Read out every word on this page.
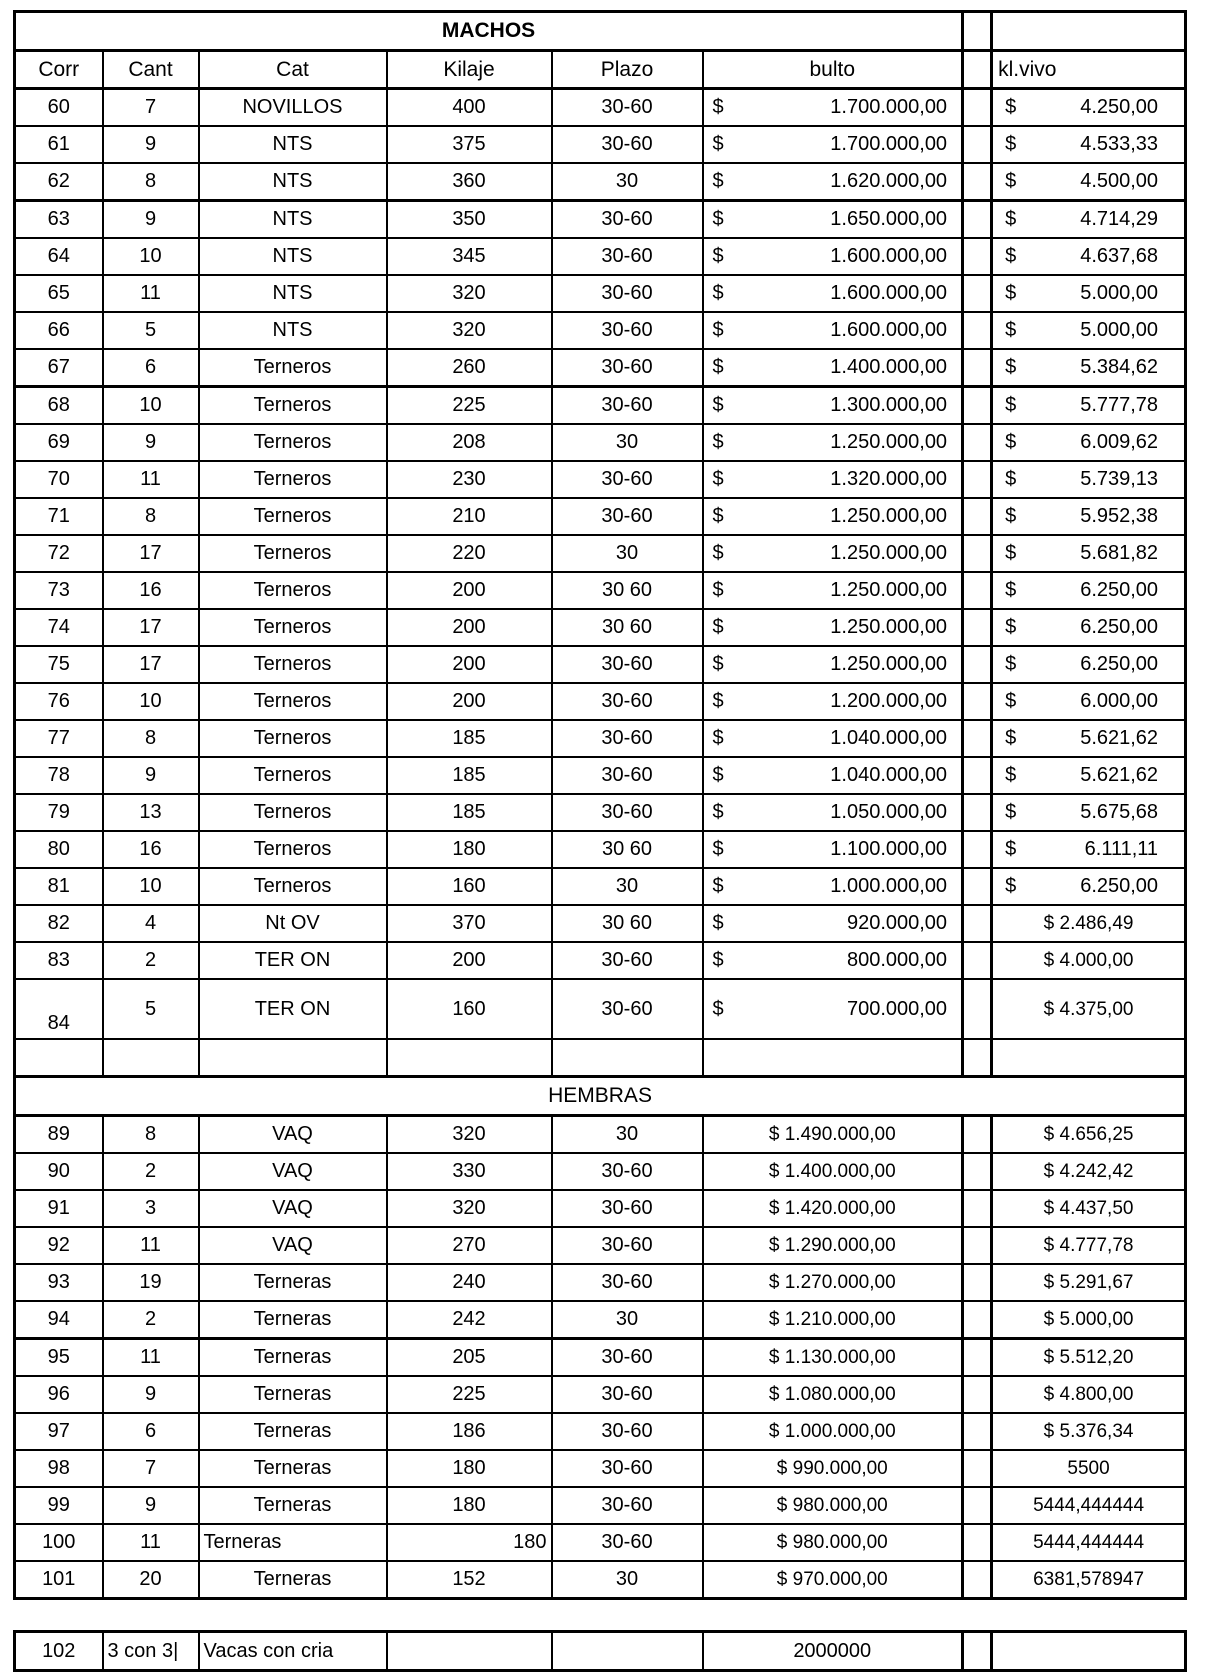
MACHOS							
Corr	Cant	Cat	Kilaje	Plazo	bulto		kl.vivo
60	7	NOVILLOS	400	30-60	$ 1.700.000,00		$ 4.250,00

61	9	NTS	375	30-60	$ 1.700.000,00		$ 4.533,33

62	8	NTS	360	30	$ 1.620.000,00		$ 4.500,00

63	9	NTS	350	30-60	$ 1.650.000,00		$ 4.714,29

64	10	NTS	345	30-60	$ 1.600.000,00		$ 4.637,68

65	11	NTS	320	30-60	$ 1.600.000,00		$ 5.000,00

66	5	NTS	320	30-60	$ 1.600.000,00		$ 5.000,00

67	6	Terneros	260	30-60	$ 1.400.000,00		$ 5.384,62

68	10	Terneros	225	30-60	$ 1.300.000,00		$ 5.777,78

69	9	Terneros	208	30	$ 1.250.000,00		$ 6.009,62

70	11	Terneros	230	30-60	$ 1.320.000,00		$ 5.739,13

71	8	Terneros	210	30-60	$ 1.250.000,00		$ 5.952,38

72	17	Terneros	220	30	$ 1.250.000,00		$ 5.681,82

73	16	Terneros	200	30 60	$ 1.250.000,00		$ 6.250,00

74	17	Terneros	200	30 60	$ 1.250.000,00		$ 6.250,00

75	17	Terneros	200	30-60	$ 1.250.000,00		$ 6.250,00

76	10	Terneros	200	30-60	$ 1.200.000,00		$ 6.000,00

77	8	Terneros	185	30-60	$ 1.040.000,00		$ 5.621,62

78	9	Terneros	185	30-60	$ 1.040.000,00		$ 5.621,62

79	13	Terneros	185	30-60	$ 1.050.000,00		$ 5.675,68

80	16	Terneros	180	30 60	$ 1.100.000,00		$ 6.111,11

81	10	Terneros	160	30	$ 1.000.000,00		$ 6.250,00

82	4	Nt OV	370	30 60	$ 920.000,00		$ 2.486,49
83	2	TER ON	200	30-60	$ 800.000,00		$ 4.000,00
84	5	TER ON	160	30-60	$ 700.000,00		$ 4.375,00

HEMBRAS							
89	8	VAQ	320	30	$ 1.490.000,00		$ 4.656,25
90	2	VAQ	330	30-60	$ 1.400.000,00		$ 4.242,42
91	3	VAQ	320	30-60	$ 1.420.000,00		$ 4.437,50
92	11	VAQ	270	30-60	$ 1.290.000,00		$ 4.777,78
93	19	Terneras	240	30-60	$ 1.270.000,00		$ 5.291,67
94	2	Terneras	242	30	$ 1.210.000,00		$ 5.000,00
95	11	Terneras	205	30-60	$ 1.130.000,00		$ 5.512,20
96	9	Terneras	225	30-60	$ 1.080.000,00		$ 4.800,00
97	6	Terneras	186	30-60	$ 1.000.000,00		$ 5.376,34
98	7	Terneras	180	30-60	$ 990.000,00		5500
99	9	Terneras	180	30-60	$ 980.000,00		5444,444444
100	11	Terneras	180	30-60	$ 980.000,00		5444,444444
101	20	Terneras	152	30	$ 970.000,00		6381,578947
102	3 con 3|	Vacas con cria			2000000		
